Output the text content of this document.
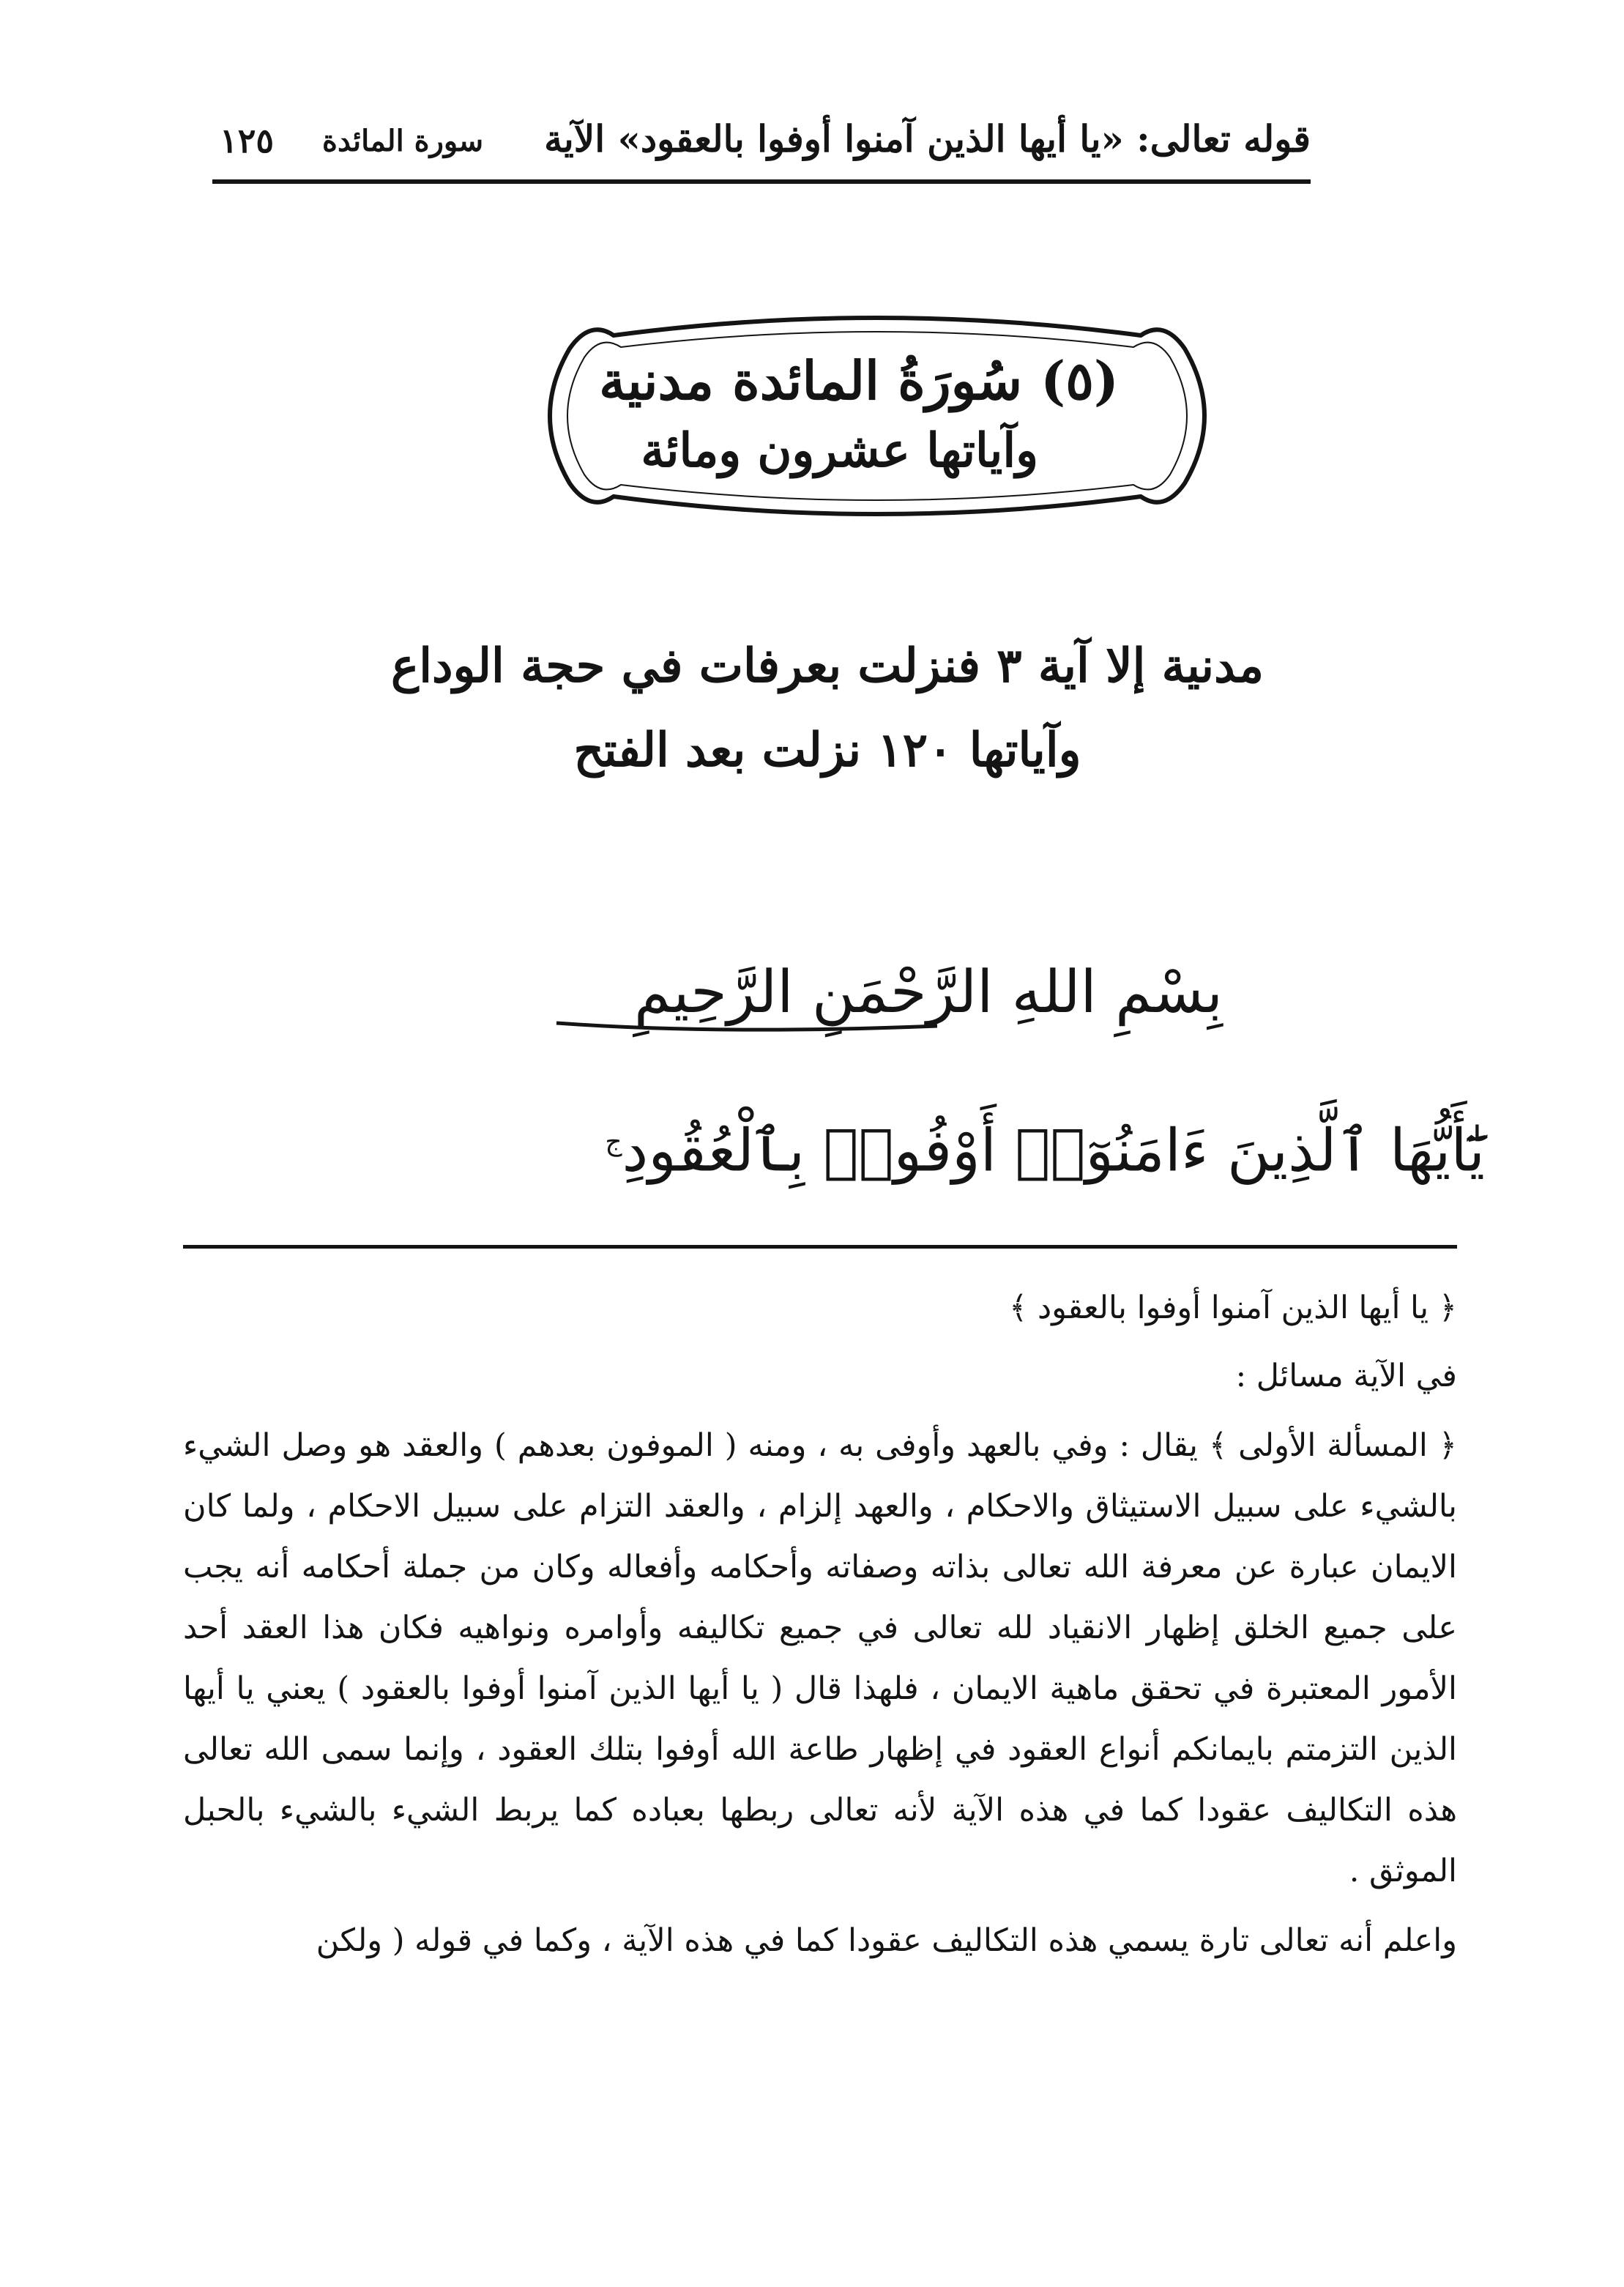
قوله تعالى: «يا أيها الذين آمنوا أوفوا بالعقود» الآية
سورة المائدة
١٢٥
(٥) سُورَةُ المائدة مدنية
وآياتها عشرون ومائة
مدنية إلا آية ٣ فنزلت بعرفات في حجة الوداع
وآياتها ١٢٠ نزلت بعد الفتح
بِسْمِ اللهِ الرَّحْمَنِ الرَّحِيمِ
يَٰٓأَيُّهَا ٱلَّذِينَ ءَامَنُوٓا۟ أَوْفُوا۟ بِٱلْعُقُودِ$^ج$

﴿ يا أيها الذين آمنوا أوفوا بالعقود ﴾

في الآية مسائل :

﴿ المسألة الأولى ﴾ يقال : وفي بالعهد وأوفى به ، ومنه ( الموفون بعدهم ) والعقد هو وصل الشيء بالشيء على سبيل الاستيثاق والاحكام ، والعهد إلزام ، والعقد التزام على سبيل الاحكام ، ولما كان الايمان عبارة عن معرفة الله تعالى بذاته وصفاته وأحكامه وأفعاله وكان من جملة أحكامه أنه يجب على جميع الخلق إظهار الانقياد لله تعالى في جميع تكاليفه وأوامره ونواهيه فكان هذا العقد أحد الأمور المعتبرة في تحقق ماهية الايمان ، فلهذا قال ( يا أيها الذين آمنوا أوفوا بالعقود ) يعني يا أيها الذين التزمتم بايمانكم أنواع العقود في إظهار طاعة الله أوفوا بتلك العقود ، وإنما سمى الله تعالى هذه التكاليف عقودا كما في هذه الآية لأنه تعالى ربطها بعباده كما يربط الشيء بالشيء بالحبل الموثق .

واعلم أنه تعالى تارة يسمي هذه التكاليف عقودا كما في هذه الآية ، وكما في قوله ( ولكن
